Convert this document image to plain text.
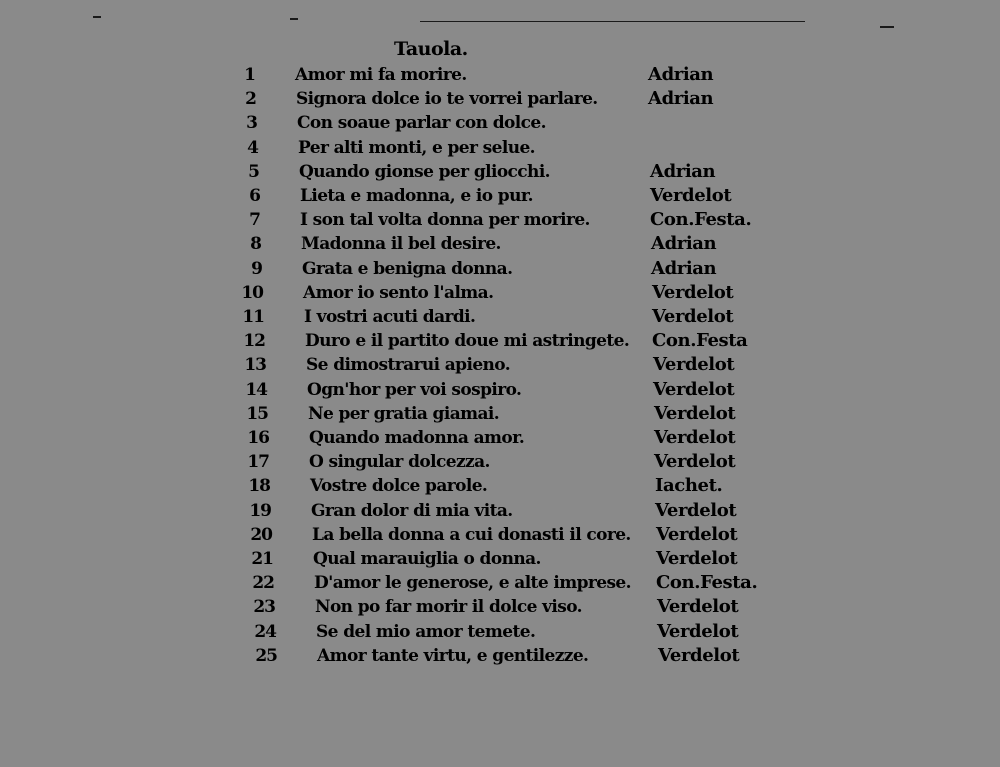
Tauola.
1 Amor mi fa morire.	Adrian
2 Signora dolce io te vorrei parlare.	Adrian
3 Con soaue parlar con dolce.
4 Per alti monti, e per selue.
5 Quando gionse per gliocchi.	Adrian
6 Lieta e madonna, e io pur.	Verdelot
7 I son tal volta donna per morire.	Con.Festa.
8 Madonna il bel desire.	Adrian
9 Grata e benigna donna.	Adrian
10 Amor io sento l'alma.	Verdelot
11 I vostri acuti dardi.	Verdelot
12 Duro e il partito doue mi astringete. Con.Festa
13 Se dimostrarui apieno.	Verdelot
14 Ogn'hor per voi sospiro.	Verdelot
15 Ne per gratia giamai.	Verdelot
16 Quando madonna amor.	Verdelot
17 O singular dolcezza.	Verdelot
18 Vostre dolce parole.	Iachet.
19 Gran dolor di mia vita.	Verdelot
20 La bella donna a cui donasti il core. Verdelot
21 Qual marauiglia o donna.	Verdelot
22 D'amor le generose, e alte imprese. Con.Festa.
23 Non po far morir il dolce viso.	Verdelot
24 Se del mio amor temete.	Verdelot
25 Amor tante virtu, e gentilezze.	Verdelot
